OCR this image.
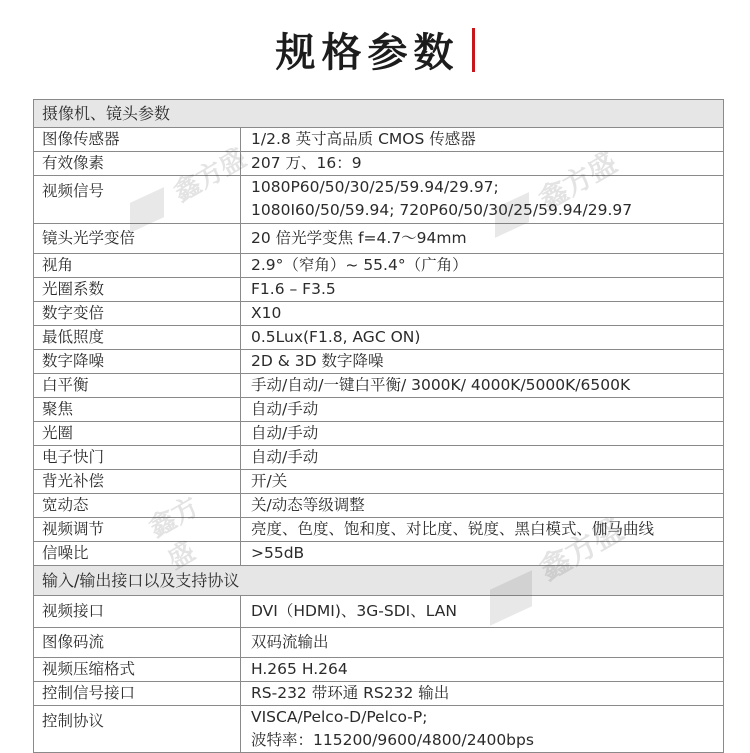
规格参数
摄像机、镜头参数	
图像传感器	1/2.8 英寸高品质 CMOS 传感器

有效像素	207 万、16：9

视频信号	1080P60/50/30/25/59.94/29.97;
1080I60/50/59.94; 720P60/50/30/25/59.94/29.97

镜头光学变倍	20 倍光学变焦 f=4.7～94mm

视角	2.9°（窄角）~ 55.4°（广角）

光圈系数	F1.6 – F3.5

数字变倍	X10

最低照度	0.5Lux(F1.8, AGC ON)

数字降噪	2D & 3D 数字降噪

白平衡	手动/自动/一键白平衡/ 3000K/ 4000K/5000K/6500K

聚焦	自动/手动

光圈	自动/手动

电子快门	自动/手动

背光补偿	开/关

宽动态	关/动态等级调整

视频调节	亮度、色度、饱和度、对比度、锐度、黑白模式、伽马曲线

信噪比	>55dB

输入/输出接口以及支持协议	
视频接口	DVI（HDMI)、3G‑SDI、LAN

图像码流	双码流输出

视频压缩格式	H.265 H.264

控制信号接口	RS-232 带环通 RS232 输出

控制协议	VISCA/Pelco-D/Pelco-P;
波特率：115200/9600/4800/2400bps
鑫方盛	鑫方盛
鑫方盛	鑫方盛
